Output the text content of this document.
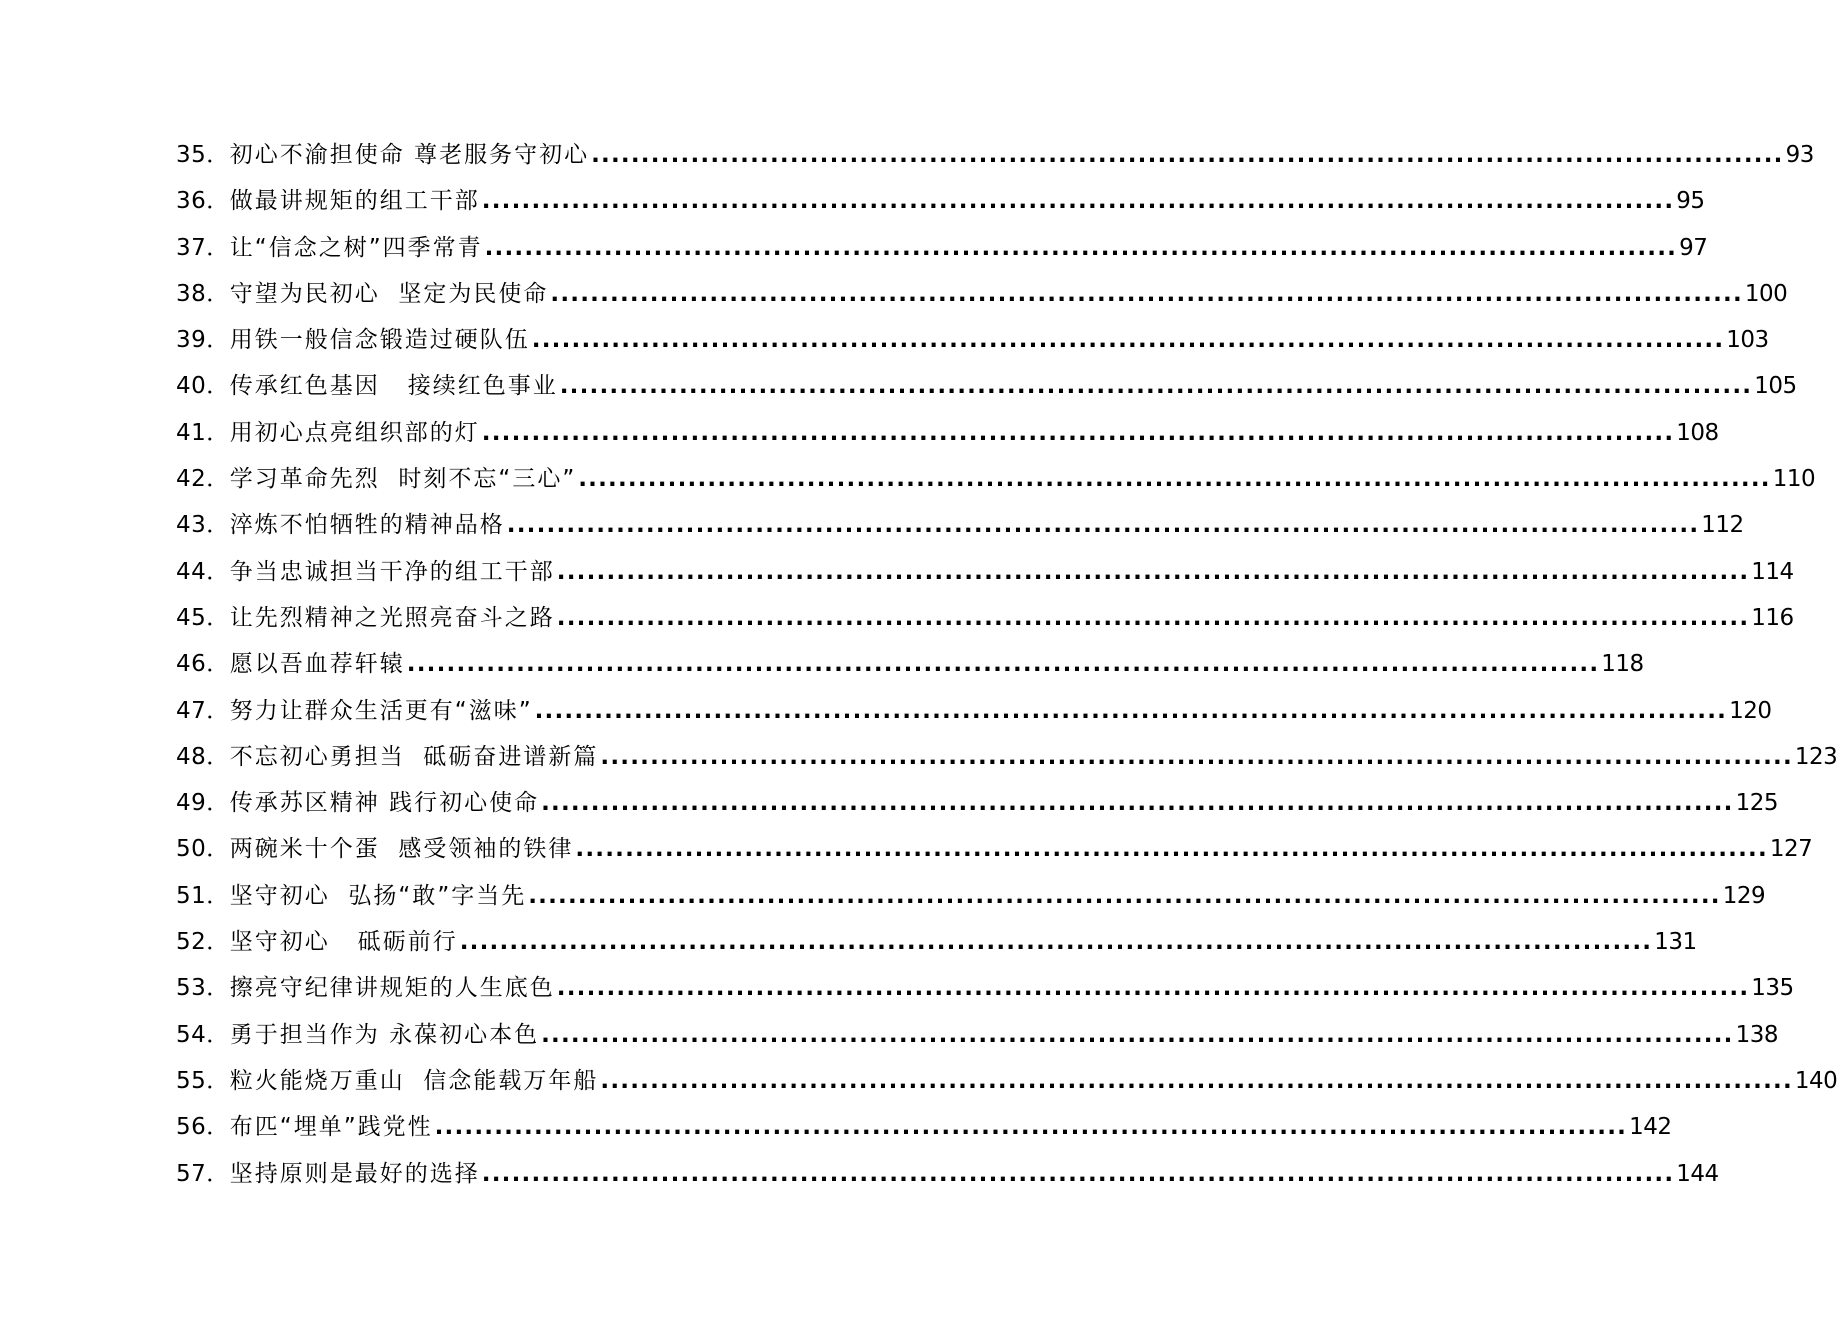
35． 初心不渝担使命 尊老服务守初心 ........................................................................................................................ 93
36． 做最讲规矩的组工干部 ........................................................................................................................ 95
37． 让“信念之树”四季常青 ........................................................................................................................ 97
38． 守望为民初心  坚定为民使命 ........................................................................................................................ 100
39． 用铁一般信念锻造过硬队伍 ........................................................................................................................ 103
40． 传承红色基因   接续红色事业 ........................................................................................................................ 105
41． 用初心点亮组织部的灯 ........................................................................................................................ 108
42． 学习革命先烈  时刻不忘“三心” ........................................................................................................................ 110
43． 淬炼不怕牺牲的精神品格 ........................................................................................................................ 112
44． 争当忠诚担当干净的组工干部 ........................................................................................................................ 114
45． 让先烈精神之光照亮奋斗之路 ........................................................................................................................ 116
46． 愿以吾血荐轩辕 ........................................................................................................................ 118
47． 努力让群众生活更有“滋味” ........................................................................................................................ 120
48． 不忘初心勇担当  砥砺奋进谱新篇 ........................................................................................................................ 123
49． 传承苏区精神 践行初心使命 ........................................................................................................................ 125
50． 两碗米十个蛋  感受领袖的铁律 ........................................................................................................................ 127
51． 坚守初心  弘扬“敢”字当先 ........................................................................................................................ 129
52． 坚守初心   砥砺前行 ........................................................................................................................ 131
53． 擦亮守纪律讲规矩的人生底色 ........................................................................................................................ 135
54． 勇于担当作为 永葆初心本色 ........................................................................................................................ 138
55． 粒火能烧万重山  信念能载万年船 ........................................................................................................................ 140
56． 布匹“埋单”践党性 ........................................................................................................................ 142
57． 坚持原则是最好的选择 ........................................................................................................................ 144
